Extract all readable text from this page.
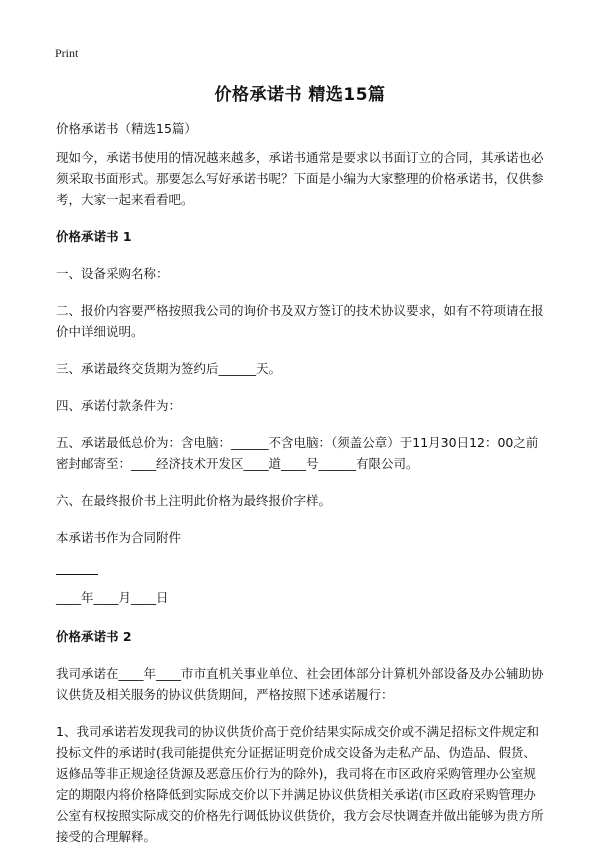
Print
价格承诺书 精选15篇

价格承诺书（精选15篇）

现如今，承诺书使用的情况越来越多，承诺书通常是要求以书面订立的合同，其承诺也必须采取书面形式。那要怎么写好承诺书呢？下面是小编为大家整理的价格承诺书，仅供参考，大家一起来看看吧。

价格承诺书 1

一、设备采购名称：

二、报价内容要严格按照我公司的询价书及双方签订的技术协议要求，如有不符项请在报价中详细说明。

三、承诺最终交货期为签约后______天。

四、承诺付款条件为：

五、承诺最低总价为：含电脑：______不含电脑：（须盖公章）于11月30日12：00之前密封邮寄至：____经济技术开发区____道____号______有限公司。

六、在最终报价书上注明此价格为最终报价字样。

本承诺书作为合同附件

____年____月____日

价格承诺书 2

我司承诺在____年____市市直机关事业单位、社会团体部分计算机外部设备及办公辅助协议供货及相关服务的协议供货期间，严格按照下述承诺履行：

1、我司承诺若发现我司的协议供货价高于竞价结果实际成交价或不满足招标文件规定和投标文件的承诺时(我司能提供充分证据证明竞价成交设备为走私产品、伪造品、假货、返修品等非正规途径货源及恶意压价行为的除外)，我司将在市区政府采购管理办公室规定的期限内将价格降低到实际成交价以下并满足协议供货相关承诺(市区政府采购管理办公室有权按照实际成交的价格先行调低协议供货价，我方会尽快调查并做出能够为贵方所接受的合理解释。
